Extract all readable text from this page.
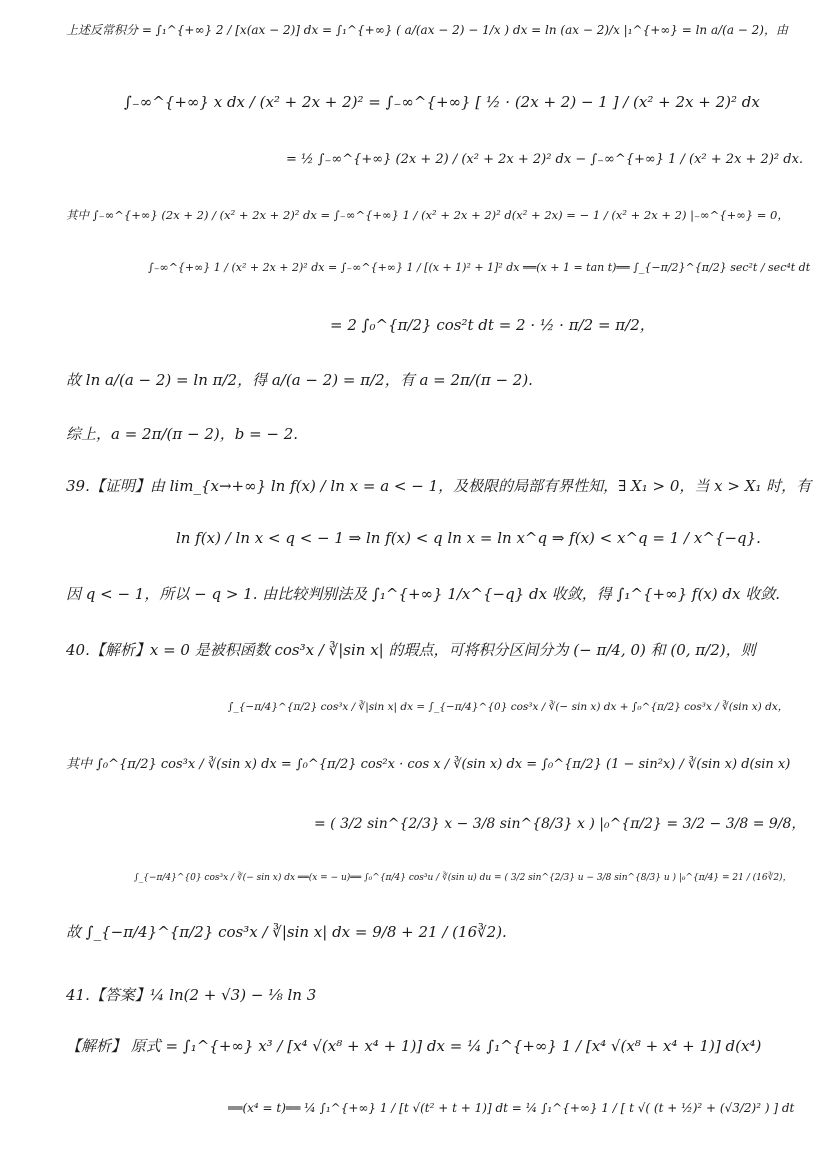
上述反常积分 = ∫₁^{+∞} 2 / [x(ax − 2)] dx = ∫₁^{+∞} ( a/(ax − 2) − 1/x ) dx = ln (ax − 2)/x |₁^{+∞} = ln a/(a − 2)，由
∫₋∞^{+∞} x dx / (x² + 2x + 2)² = ∫₋∞^{+∞} [ ½ · (2x + 2) − 1 ] / (x² + 2x + 2)² dx
= ½ ∫₋∞^{+∞} (2x + 2) / (x² + 2x + 2)² dx − ∫₋∞^{+∞} 1 / (x² + 2x + 2)² dx.
其中 ∫₋∞^{+∞} (2x + 2) / (x² + 2x + 2)² dx = ∫₋∞^{+∞} 1 / (x² + 2x + 2)² d(x² + 2x) = − 1 / (x² + 2x + 2) |₋∞^{+∞} = 0，
∫₋∞^{+∞} 1 / (x² + 2x + 2)² dx = ∫₋∞^{+∞} 1 / [(x + 1)² + 1]² dx ══(x + 1 = tan t)══ ∫_{−π/2}^{π/2} sec²t / sec⁴t dt
= 2 ∫₀^{π/2} cos²t dt = 2 · ½ · π/2 = π/2，
故 ln a/(a − 2) = ln π/2，得 a/(a − 2) = π/2，有 a = 2π/(π − 2).
综上，a = 2π/(π − 2)，b = − 2.
39.【证明】由 lim_{x→+∞} ln f(x) / ln x = a < − 1，及极限的局部有界性知，∃ X₁ > 0，当 x > X₁ 时，有
ln f(x) / ln x < q < − 1 ⇒ ln f(x) < q ln x = ln x^q ⇒ f(x) < x^q = 1 / x^{−q}.
因 q < − 1，所以 − q > 1. 由比较判别法及 ∫₁^{+∞} 1/x^{−q} dx 收敛，得 ∫₁^{+∞} f(x) dx 收敛.
40.【解析】x = 0 是被积函数 cos³x / ∛|sin x| 的瑕点，可将积分区间分为 (− π/4, 0) 和 (0, π/2)，则
∫_{−π/4}^{π/2} cos³x / ∛|sin x| dx = ∫_{−π/4}^{0} cos³x / ∛(− sin x) dx + ∫₀^{π/2} cos³x / ∛(sin x) dx，
其中 ∫₀^{π/2} cos³x / ∛(sin x) dx = ∫₀^{π/2} cos²x · cos x / ∛(sin x) dx = ∫₀^{π/2} (1 − sin²x) / ∛(sin x) d(sin x)
= ( 3/2 sin^{2/3} x − 3/8 sin^{8/3} x ) |₀^{π/2} = 3/2 − 3/8 = 9/8，
∫_{−π/4}^{0} cos³x / ∛(− sin x) dx ══(x = − u)══ ∫₀^{π/4} cos³u / ∛(sin u) du = ( 3/2 sin^{2/3} u − 3/8 sin^{8/3} u ) |₀^{π/4} = 21 / (16∛2)，
故 ∫_{−π/4}^{π/2} cos³x / ∛|sin x| dx = 9/8 + 21 / (16∛2).
41.【答案】¼ ln(2 + √3) − ⅛ ln 3
【解析】 原式 = ∫₁^{+∞} x³ / [x⁴ √(x⁸ + x⁴ + 1)] dx = ¼ ∫₁^{+∞} 1 / [x⁴ √(x⁸ + x⁴ + 1)] d(x⁴)
══(x⁴ = t)══ ¼ ∫₁^{+∞} 1 / [t √(t² + t + 1)] dt = ¼ ∫₁^{+∞} 1 / [ t √( (t + ½)² + (√3/2)² ) ] dt
